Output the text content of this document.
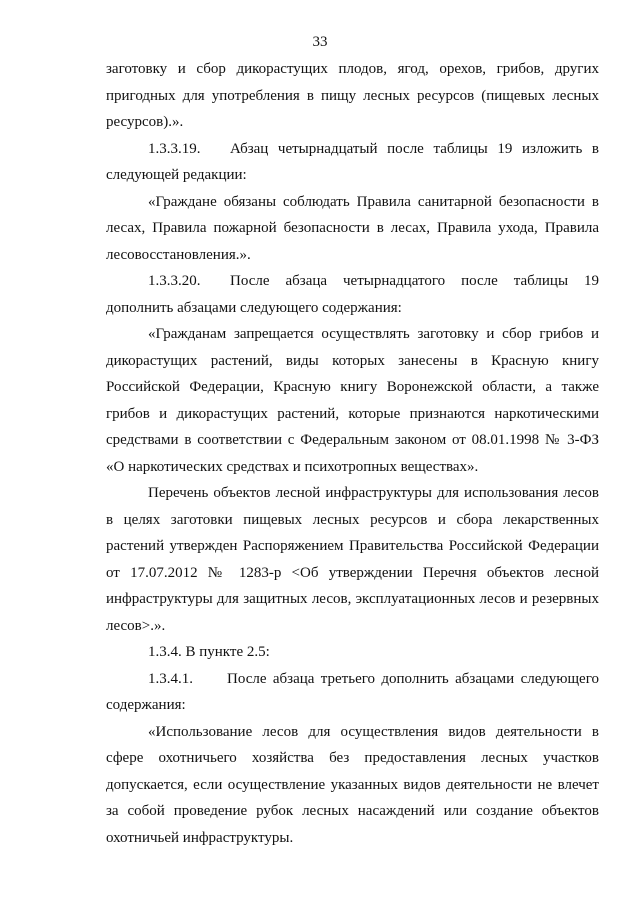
33

заготовку и сбор дикорастущих плодов, ягод, орехов, грибов, других пригодных для употребления в пищу лесных ресурсов (пищевых лесных ресурсов).».

1.3.3.19. Абзац четырнадцатый после таблицы 19 изложить в следующей редакции:

«Граждане обязаны соблюдать Правила санитарной безопасности в лесах, Правила пожарной безопасности в лесах, Правила ухода, Правила лесовосстановления.».

1.3.3.20. После абзаца четырнадцатого после таблицы 19 дополнить абзацами следующего содержания:

«Гражданам запрещается осуществлять заготовку и сбор грибов и дикорастущих растений, виды которых занесены в Красную книгу Российской Федерации, Красную книгу Воронежской области, а также грибов и дикорастущих растений, которые признаются наркотическими средствами в соответствии с Федеральным законом от 08.01.1998 № 3-ФЗ «О наркотических средствах и психотропных веществах».

Перечень объектов лесной инфраструктуры для использования лесов в целях заготовки пищевых лесных ресурсов и сбора лекарственных растений утвержден Распоряжением Правительства Российской Федерации от 17.07.2012 № 1283-р <Об утверждении Перечня объектов лесной инфраструктуры для защитных лесов, эксплуатационных лесов и резервных лесов>.».

1.3.4. В пункте 2.5:

1.3.4.1. После абзаца третьего дополнить абзацами следующего содержания:

«Использование лесов для осуществления видов деятельности в сфере охотничьего хозяйства без предоставления лесных участков допускается, если осуществление указанных видов деятельности не влечет за собой проведение рубок лесных насаждений или создание объектов охотничьей инфраструктуры.
